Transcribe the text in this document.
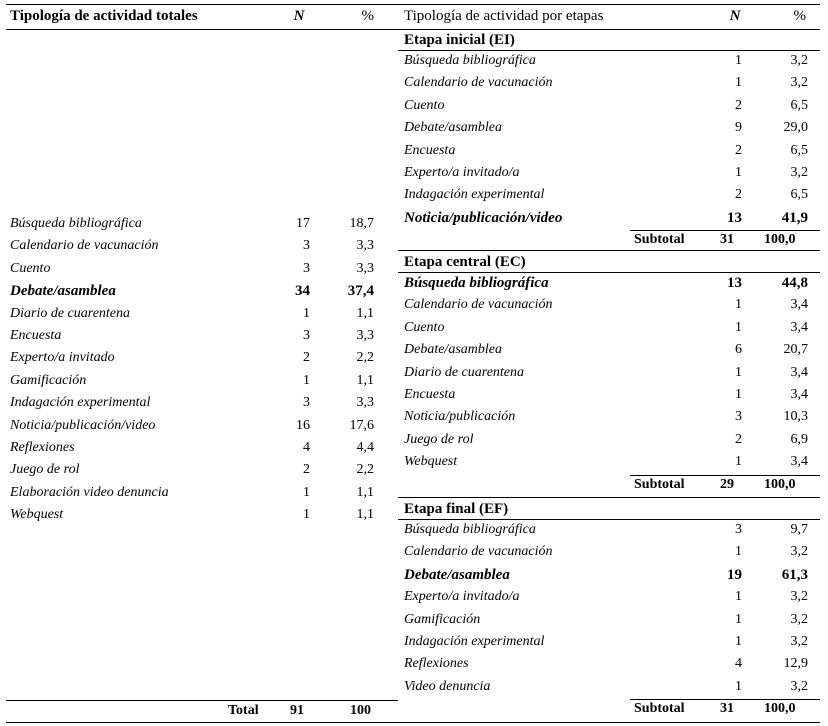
Tipología de actividad totales	N	% Tipología de actividad por etapas	N	%
Búsqueda bibliográfica	17	18,7
Calendario de vacunación	3	3,3
Cuento	3	3,3
Debate/asamblea	34	37,4
Diario de cuarentena	1	1,1
Encuesta	3	3,3
Experto/a invitado	2	2,2
Gamificación	1	1,1
Indagación experimental	3	3,3
Noticia/publicación/video	16	17,6
Reflexiones	4	4,4
Juego de rol	2	2,2
Elaboración video denuncia	1	1,1
Webquest	1	1,1
Total 91	100
Etapa inicial (EI)
Búsqueda bibliográfica	1	3,2
Calendario de vacunación	1	3,2
Cuento	2	6,5
Debate/asamblea	9	29,0
Encuesta	2	6,5
Experto/a invitado/a	1	3,2
Indagación experimental	2	6,5
Noticia/publicación/video	13	41,9
Subtotal	31 100,0
Etapa central (EC)
Búsqueda bibliográfica	13	44,8
Calendario de vacunación	1	3,4
Cuento	1	3,4
Debate/asamblea	6	20,7
Diario de cuarentena	1	3,4
Encuesta	1	3,4
Noticia/publicación	3	10,3
Juego de rol	2	6,9
Webquest	1	3,4
Subtotal	29 100,0
Etapa final (EF)
Búsqueda bibliográfica	3	9,7
Calendario de vacunación	1	3,2
Debate/asamblea	19	61,3
Experto/a invitado/a	1	3,2
Gamificación	1	3,2
Indagación experimental	1	3,2
Reflexiones	4	12,9
Video denuncia	1	3,2
Subtotal	31 100,0
